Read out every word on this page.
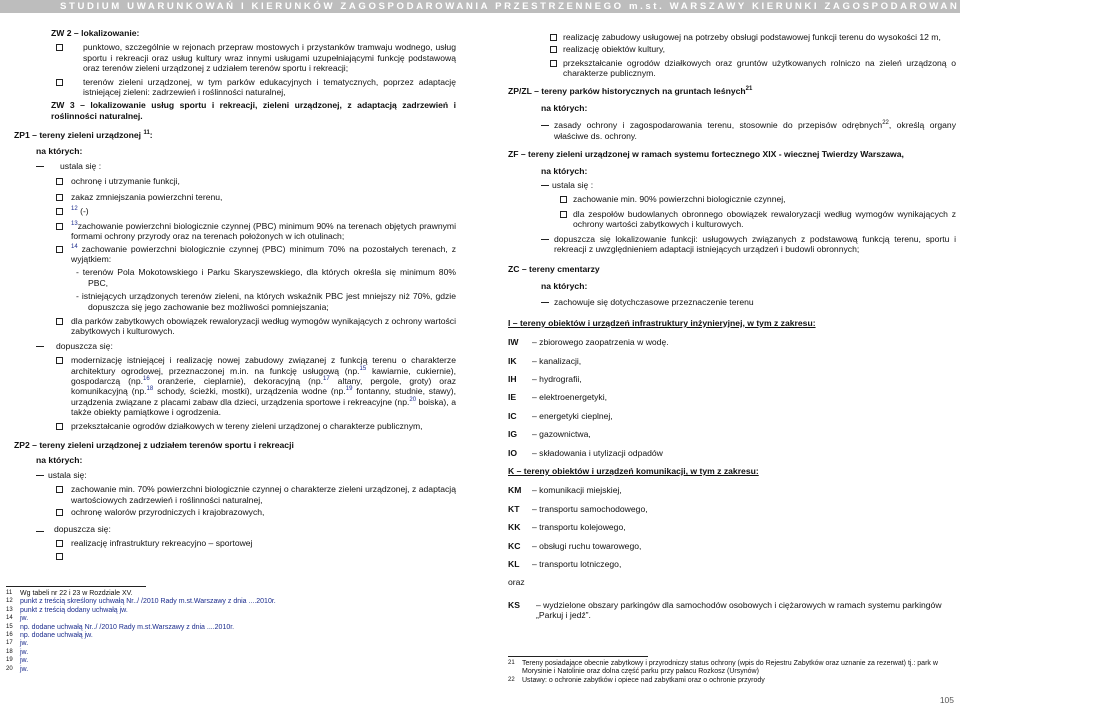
STUDIUM UWARUNKOWAŃ I KIERUNKÓW ZAGOSPODAROWANIA PRZESTRZENNEGO m.st. WARSZAWY KIERUNKI ZAGOSPODAROWANIA PRZESTRZENNEGO

ZW 2 – lokalizowanie:

punktowo, szczególnie w rejonach przepraw mostowych i przystanków tramwaju wodnego, usług sportu i rekreacji oraz usług kultury wraz innymi usługami uzupełniającymi funkcję podstawową oraz terenów zieleni urządzonej z udziałem terenów sportu i rekreacji;
terenów zieleni urządzonej, w tym parków edukacyjnych i tematycznych, poprzez adaptację istniejącej zieleni: zadrzewień i roślinności naturalnej,

ZW 3 – lokalizowanie usług sportu i rekreacji, zieleni urządzonej, z adaptacją zadrzewień i roślinności naturalnej.

ZP1 – tereny zieleni urządzonej $^{11}$:

na których:

ustala się :
ochronę i utrzymanie funkcji,
zakaz zmniejszania powierzchni terenu,
$^{12}$ (-)
$^{13}$zachowanie powierzchni biologicznie czynnej (PBC) minimum 90% na terenach objętych prawnymi formami ochrony przyrody oraz na terenach położonych w ich otulinach;
$^{14}$ zachowanie powierzchni biologicznie czynnej (PBC) minimum 70% na pozostałych terenach, z wyjątkiem:

- terenów Pola Mokotowskiego i Parku Skaryszewskiego, dla których określa się minimum 80% PBC,

- istniejących urządzonych terenów zieleni, na których wskaźnik PBC jest mniejszy niż 70%, gdzie dopuszcza się jego zachowanie bez możliwości pomniejszania;

dla parków zabytkowych obowiązek rewaloryzacji według wymogów wynikających z ochrony wartości zabytkowych i kulturowych.
dopuszcza się:
modernizację istniejącej i realizację nowej zabudowy związanej z funkcją terenu o charakterze architektury ogrodowej, przeznaczonej m.in. na funkcję usługową (np.$^{15}$ kawiarnie, cukiernie), gospodarczą (np.$^{16}$ oranżerie, cieplarnie), dekoracyjną (np.$^{17}$ altany, pergole, groty) oraz komunikacyjną (np.$^{18}$ schody, ścieżki, mostki), urządzenia wodne (np.$^{19}$ fontanny, studnie, stawy), urządzenia związane z placami zabaw dla dzieci, urządzenia sportowe i rekreacyjne (np.$^{20}$ boiska), a także obiekty pamiątkowe i ogrodzenia.
przekształcanie ogrodów działkowych w tereny zieleni urządzonej o charakterze publicznym,

ZP2 – tereny zieleni urządzonej z udziałem terenów sportu i rekreacji

na których:

ustala się:
zachowanie min. 70% powierzchni biologicznie czynnej o charakterze zieleni urządzonej, z adaptacją wartościowych zadrzewień i roślinności naturalnej,
ochronę walorów przyrodniczych i krajobrazowych,
dopuszcza się:
realizację infrastruktury rekreacyjno – sportowej
11 Wg tabeli nr 22 i 23 w Rozdziale XV.
12 punkt z treścią skreślony uchwałą Nr../ /2010 Rady m.st.Warszawy z dnia ....2010r.
13 punkt z treścią dodany uchwałą jw.
14 jw.
15 np. dodane uchwałą Nr../ /2010 Rady m.st.Warszawy z dnia ....2010r.
16 np. dodane uchwałą jw.
17 jw.
18 jw.
19 jw.
20 jw.
realizację zabudowy usługowej na potrzeby obsługi podstawowej funkcji terenu do wysokości 12 m,
realizację obiektów kultury,
przekształcanie ogrodów działkowych oraz gruntów użytkowanych rolniczo na zieleń urządzoną o charakterze publicznym.

ZP/ZL – tereny parków historycznych na gruntach leśnych$^{21}$

na których:

zasady ochrony i zagospodarowania terenu, stosownie do przepisów odrębnych$^{22}$, określą organy właściwe ds. ochrony.

ZF – tereny zieleni urządzonej w ramach systemu fortecznego XIX - wiecznej Twierdzy Warszawa,

na których:

ustala się :
zachowanie min. 90% powierzchni biologicznie czynnej,
dla zespołów budowlanych obronnego obowiązek rewaloryzacji według wymogów wynikających z ochrony wartości zabytkowych i kulturowych.
dopuszcza się lokalizowanie funkcji: usługowych związanych z podstawową funkcją terenu, sportu i rekreacji z uwzględnieniem adaptacji istniejących urządzeń i budowli obronnych;

ZC – tereny cmentarzy

na których:

zachowuje się dotychczasowe przeznaczenie terenu

I – tereny obiektów i urządzeń infrastruktury inżynieryjnej, w tym z zakresu:

IW – zbiorowego zaopatrzenia w wodę.
IK – kanalizacji,
IH – hydrografii,
IE – elektroenergetyki,
IC – energetyki cieplnej,
IG – gazownictwa,
IO – składowania i utylizacji odpadów

K – tereny obiektów i urządzeń komunikacji, w tym z zakresu:

KM – komunikacji miejskiej,
KT – transportu samochodowego,
KK – transportu kolejowego,
KC – obsługi ruchu towarowego,
KL – transportu lotniczego,

oraz

KS – wydzielone obszary parkingów dla samochodów osobowych i ciężarowych w ramach systemu parkingów „Parkuj i jedź”.
21 Tereny posiadające obecnie zabytkowy i przyrodniczy status ochrony (wpis do Rejestru Zabytków oraz uznanie za rezerwat) tj.: park w Morysinie i Natolinie oraz dolna część parku przy pałacu Rozkosz (Ursynów)
22 Ustawy: o ochronie zabytków i opiece nad zabytkami oraz o ochronie przyrody
105
